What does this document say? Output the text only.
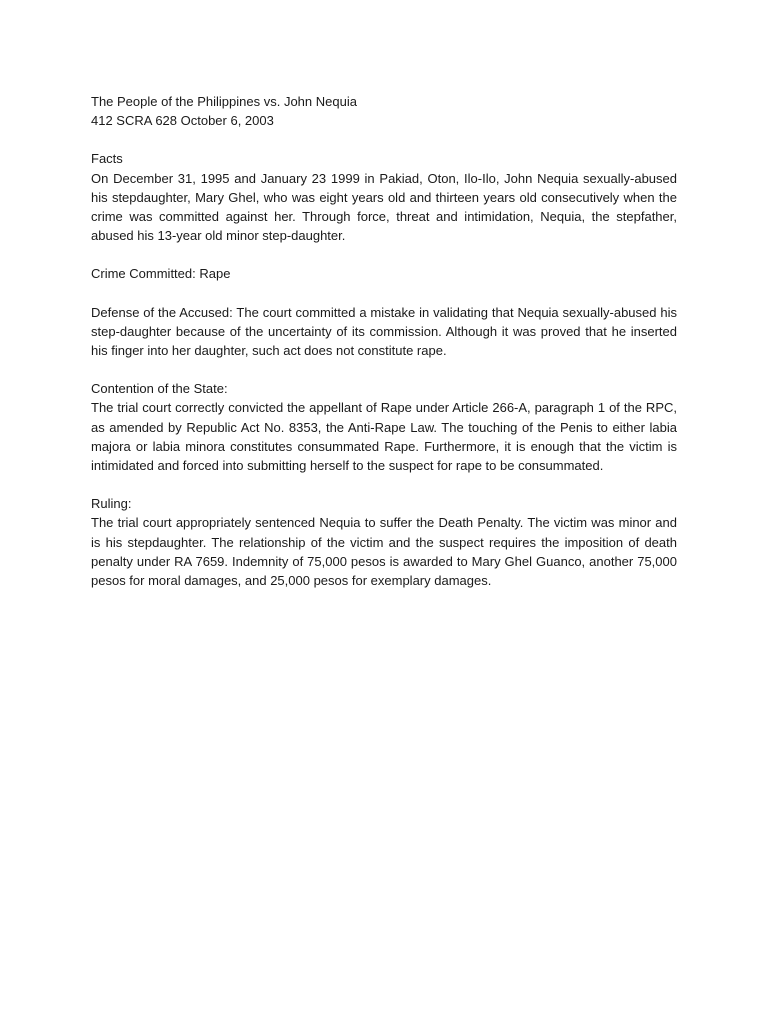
The People of the Philippines vs. John Nequia

412 SCRA 628 October 6, 2003

Facts

On December 31, 1995 and January 23 1999 in Pakiad, Oton, Ilo-Ilo, John Nequia sexually-abused his stepdaughter, Mary Ghel, who was eight years old and thirteen years old consecutively when the crime was committed against her. Through force, threat and intimidation, Nequia, the stepfather, abused his 13-year old minor step-daughter.

Crime Committed: Rape

Defense of the Accused: The court committed a mistake in validating that Nequia sexually-abused his step-daughter because of the uncertainty of its commission. Although it was proved that he inserted his finger into her daughter, such act does not constitute rape.

Contention of the State:

The trial court correctly convicted the appellant of Rape under Article 266-A, paragraph 1 of the RPC, as amended by Republic Act No. 8353, the Anti-Rape Law. The touching of the Penis to either labia majora or labia minora constitutes consummated Rape. Furthermore, it is enough that the victim is intimidated and forced into submitting herself to the suspect for rape to be consummated.

Ruling:

The trial court appropriately sentenced Nequia to suffer the Death Penalty. The victim was minor and is his stepdaughter. The relationship of the victim and the suspect requires the imposition of death penalty under RA 7659. Indemnity of 75,000 pesos is awarded to Mary Ghel Guanco, another 75,000 pesos for moral damages, and 25,000 pesos for exemplary damages.
